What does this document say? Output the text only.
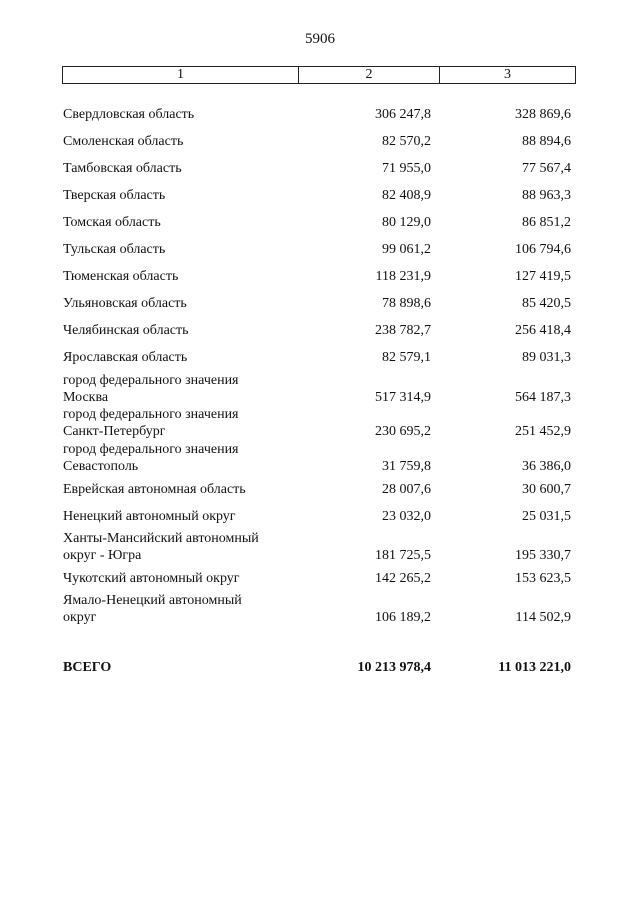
5906
1	2	3
Свердловская область	306 247,8	328 869,6
Смоленская область	82 570,2	88 894,6
Тамбовская область	71 955,0	77 567,4
Тверская область	82 408,9	88 963,3
Томская область	80 129,0	86 851,2
Тульская область	99 061,2	106 794,6
Тюменская область	118 231,9	127 419,5
Ульяновская область	78 898,6	85 420,5
Челябинская область	238 782,7	256 418,4
Ярославская область	82 579,1	89 031,3
город федерального значения
Москва	517 314,9	564 187,3
город федерального значения
Санкт-Петербург	230 695,2	251 452,9
город федерального значения
Севастополь	31 759,8	36 386,0
Еврейская автономная область	28 007,6	30 600,7
Ненецкий автономный округ	23 032,0	25 031,5
Ханты-Мансийский автономный
округ - Югра	181 725,5	195 330,7
Чукотский автономный округ	142 265,2	153 623,5
Ямало-Ненецкий автономный
округ	106 189,2	114 502,9
ВСЕГО	10 213 978,4	11 013 221,0
